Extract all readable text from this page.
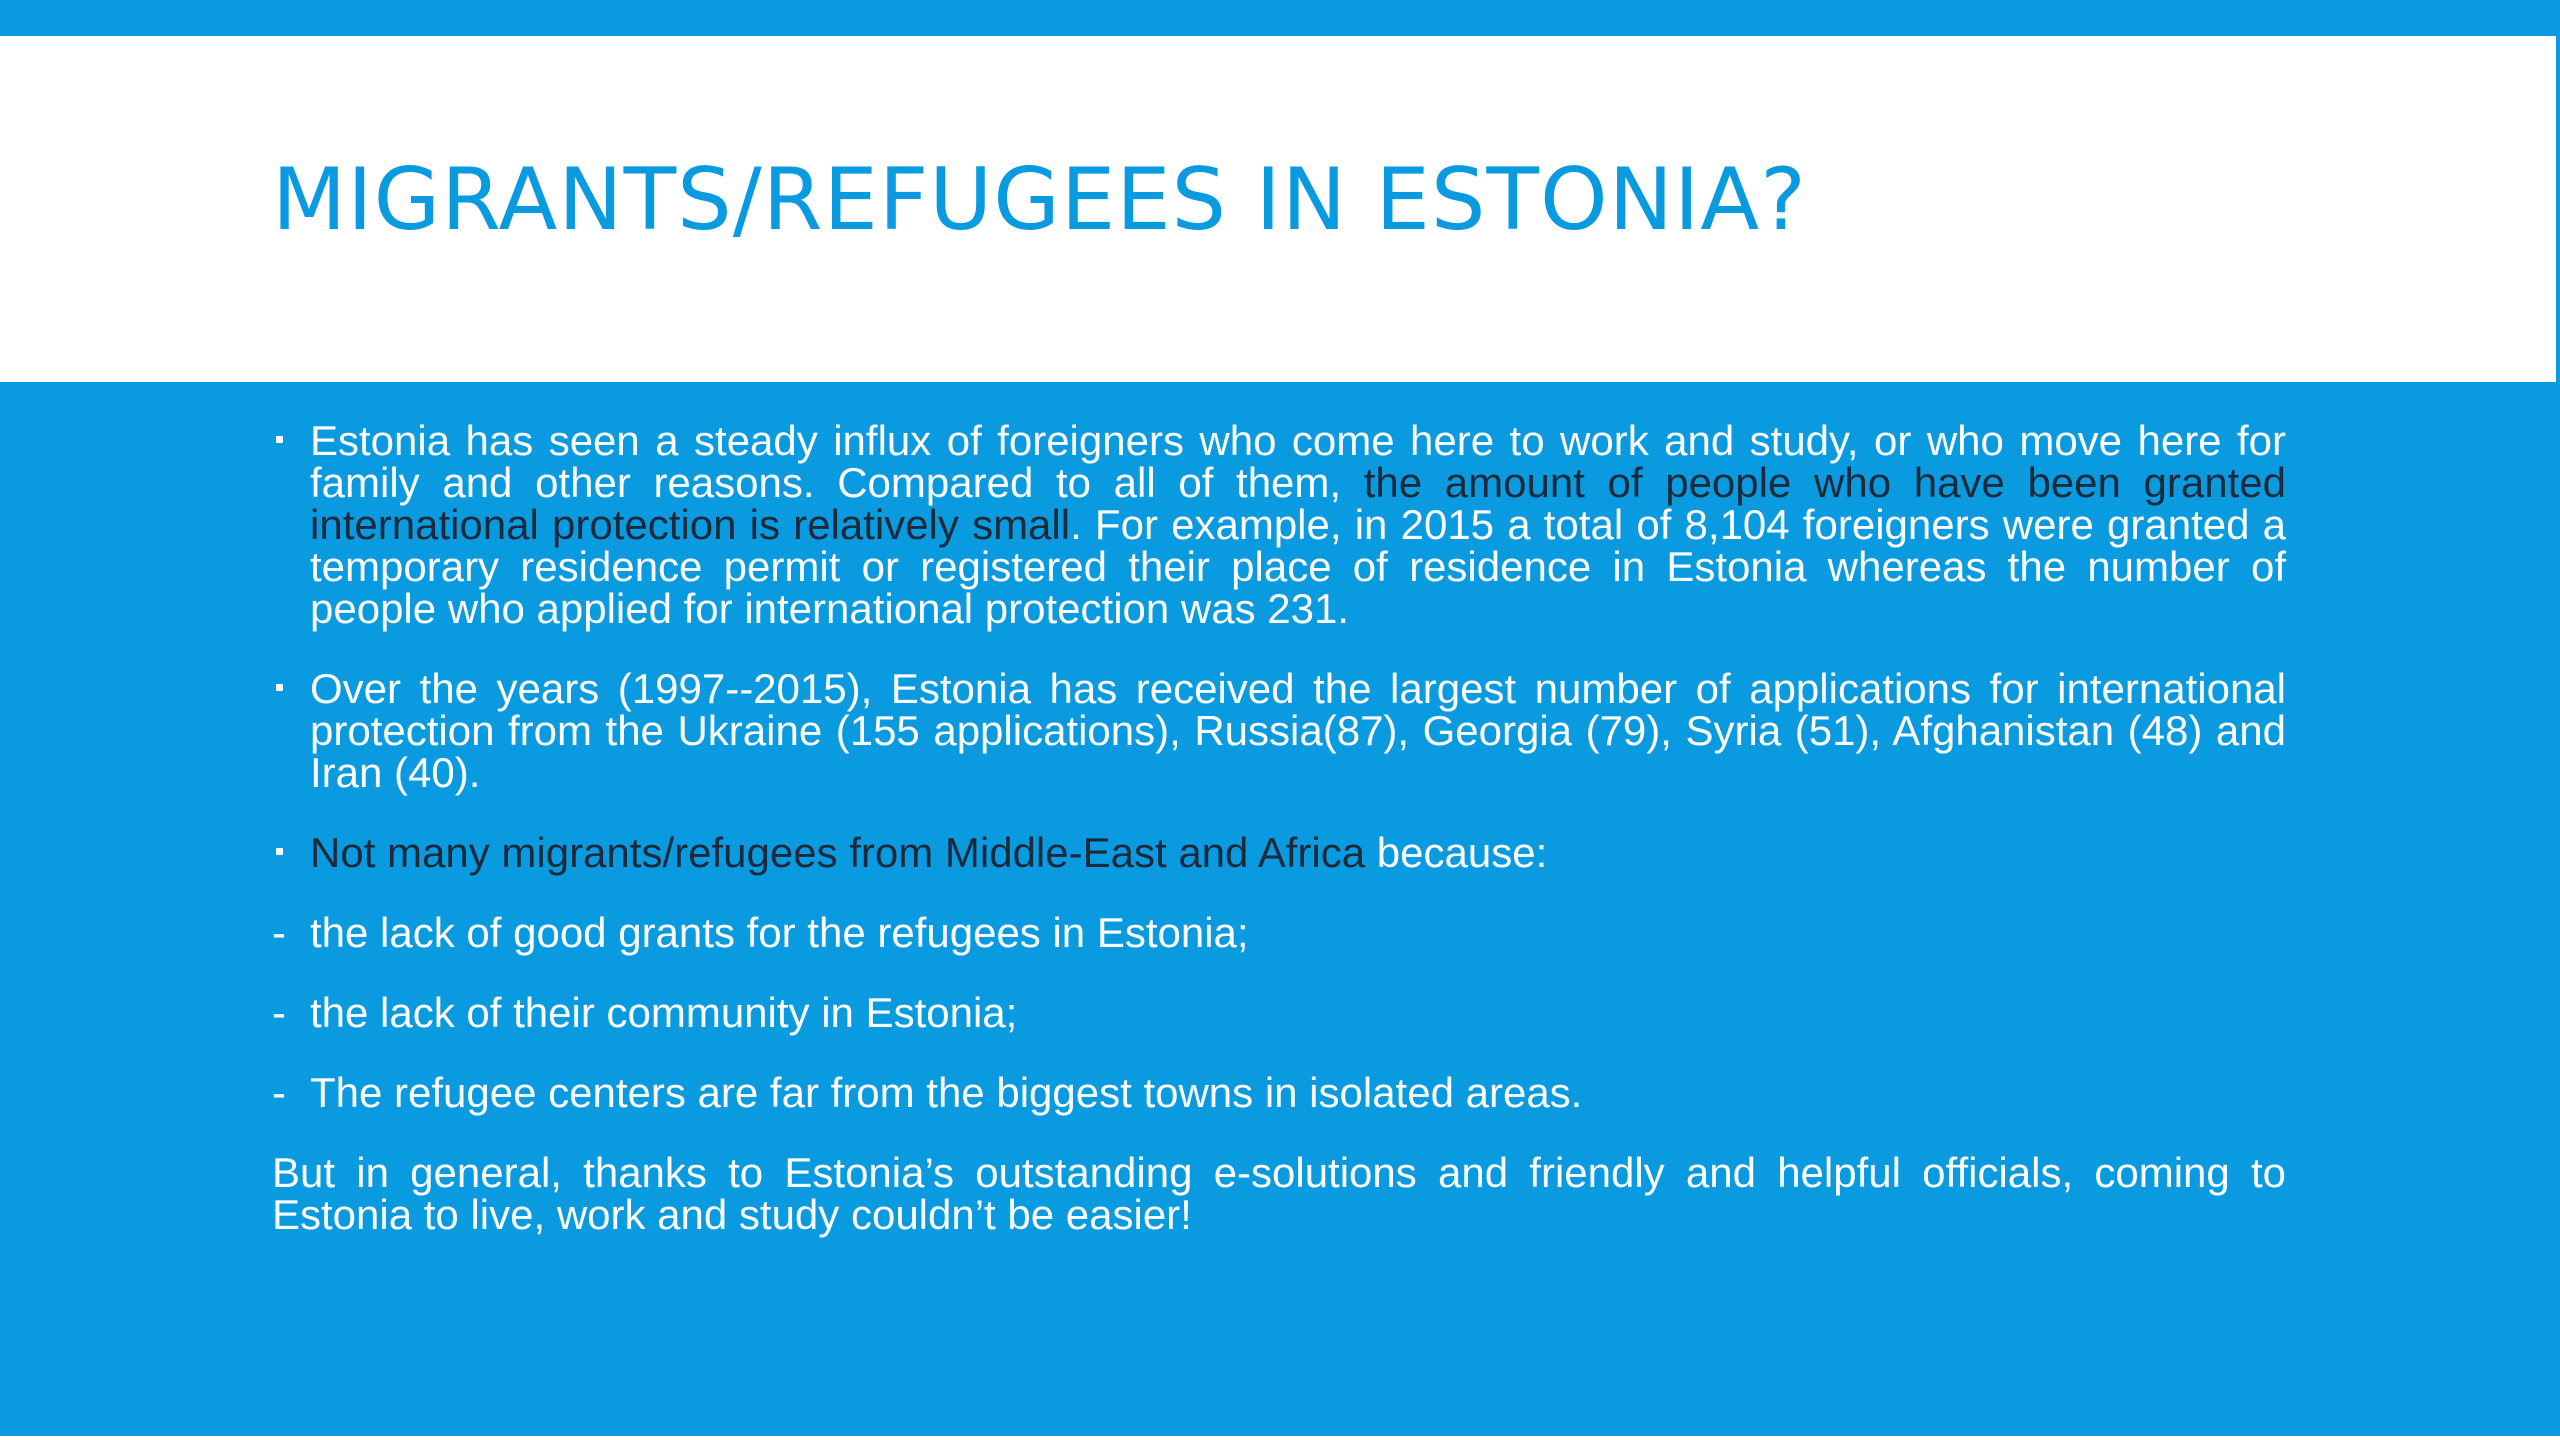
MIGRANTS/REFUGEES IN ESTONIA?
Estonia has seen a steady influx of foreigners who come here to work and study, or who move here for family and other reasons. Compared to all of them, the amount of people who have been granted international protection is relatively small. For example, in 2015 a total of 8,104 foreigners were granted a temporary residence permit or registered their place of residence in Estonia whereas the number of people who applied for international protection was 231.
Over the years (1997--2015), Estonia has received the largest number of applications for international protection from the Ukraine (155 applications), Russia(87), Georgia (79), Syria (51), Afghanistan (48) and Iran (40).
Not many migrants/refugees from Middle-East and Africa because:
- the lack of good grants for the refugees in Estonia;
- the lack of their community in Estonia;
- The refugee centers are far from the biggest towns in isolated areas.
But in general, thanks to Estonia’s outstanding e-solutions and friendly and helpful officials, coming to Estonia to live, work and study couldn’t be easier!
